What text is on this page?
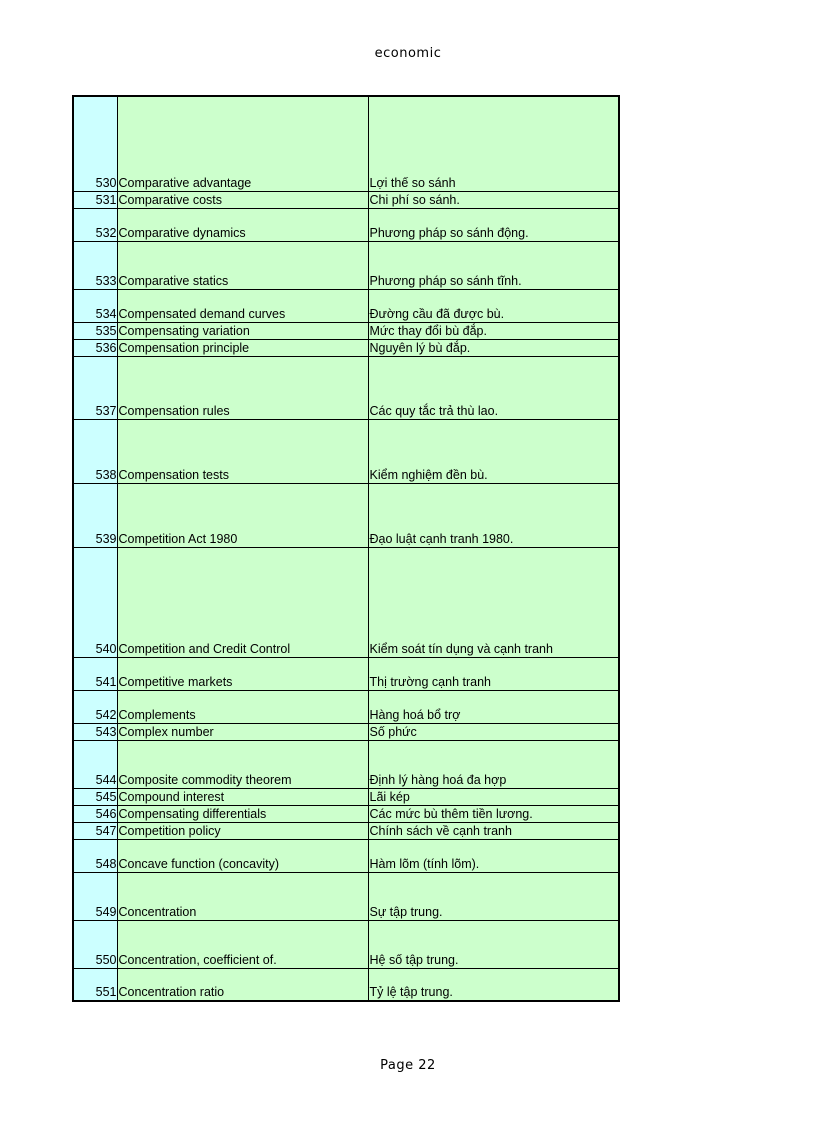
economic
530	Comparative advantage	Lợi thế so sánh
531	Comparative costs	Chi phí so sánh.
532	Comparative dynamics	Phương pháp so sánh động.
533	Comparative statics	Phương pháp so sánh tĩnh.
534	Compensated demand curves	Đường cầu đã được bù.
535	Compensating variation	Mức thay đổi bù đắp.
536	Compensation principle	Nguyên lý bù đắp.
537	Compensation rules	Các quy tắc trả thù lao.
538	Compensation tests	Kiểm nghiệm đền bù.
539	Competition Act 1980	Đạo luật cạnh tranh 1980.
540	Competition and Credit Control	Kiểm soát tín dụng và cạnh tranh
541	Competitive markets	Thị trường cạnh tranh
542	Complements	Hàng hoá bổ trợ
543	Complex number	Số phức
544	Composite commodity theorem	Định lý hàng hoá đa hợp
545	Compound interest	Lãi kép
546	Compensating differentials	Các mức bù thêm tiền lương.
547	Competition policy	Chính sách về cạnh tranh
548	Concave function (concavity)	Hàm lõm (tính lõm).
549	Concentration	Sự tập trung.
550	Concentration, coefficient of.	Hệ số tập trung.
551	Concentration ratio	Tỷ lệ tập trung.
Page 22
